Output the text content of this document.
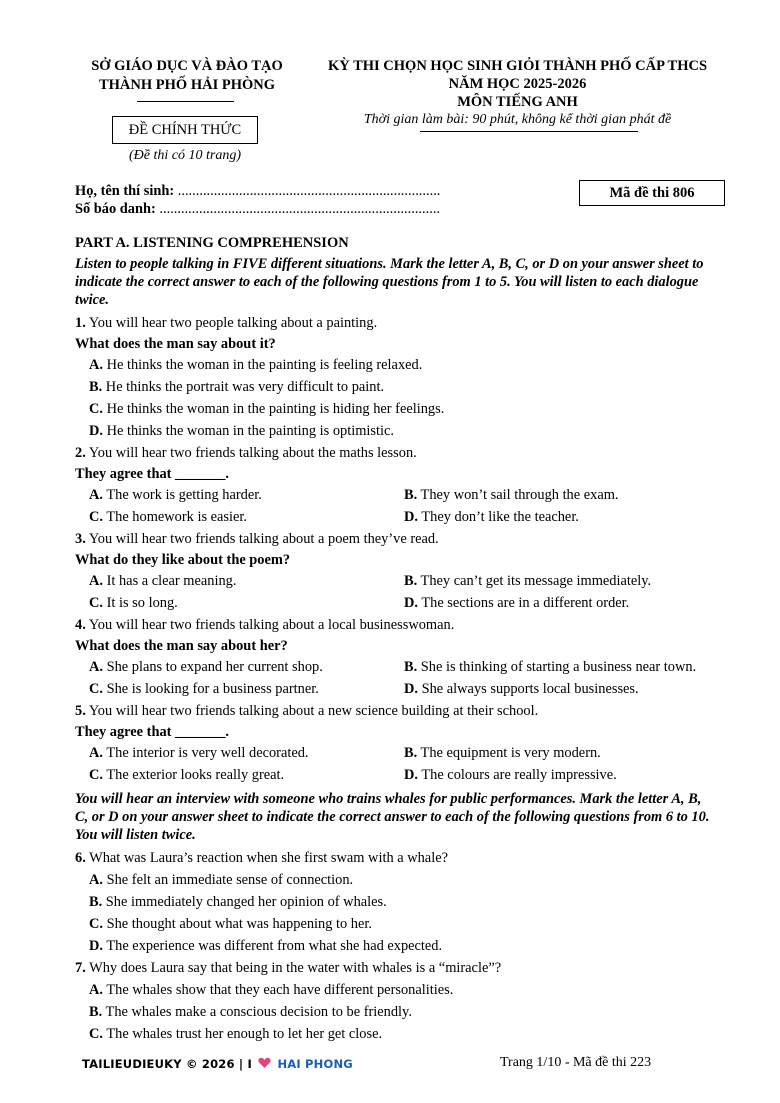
SỞ GIÁO DỤC VÀ ĐÀO TẠO
THÀNH PHỐ HẢI PHÒNG
ĐỀ CHÍNH THỨC
(Đề thi có 10 trang)
KỲ THI CHỌN HỌC SINH GIỎI THÀNH PHỐ CẤP THCS
NĂM HỌC 2025-2026
MÔN TIẾNG ANH
Thời gian làm bài: 90 phút, không kể thời gian phát đề
Họ, tên thí sinh: .........................................................................
Số báo danh: ..............................................................................
Mã đề thi 806
PART A. LISTENING COMPREHENSION
Listen to people talking in FIVE different situations. Mark the letter A, B, C, or D on your answer sheet to indicate the correct answer to each of the following questions from 1 to 5. You will listen to each dialogue twice.
1. You will hear two people talking about a painting.
What does the man say about it?
A. He thinks the woman in the painting is feeling relaxed.
B. He thinks the portrait was very difficult to paint.
C. He thinks the woman in the painting is hiding her feelings.
D. He thinks the woman in the painting is optimistic.
2. You will hear two friends talking about the maths lesson.
They agree that _______.
A. The work is getting harder.	B. They won’t sail through the exam.
C. The homework is easier.	D. They don’t like the teacher.
3. You will hear two friends talking about a poem they’ve read.
What do they like about the poem?
A. It has a clear meaning.	B. They can’t get its message immediately.
C. It is so long.	D. The sections are in a different order.
4. You will hear two friends talking about a local businesswoman.
What does the man say about her?
A. She plans to expand her current shop.	B. She is thinking of starting a business near town.
C. She is looking for a business partner.	D. She always supports local businesses.
5. You will hear two friends talking about a new science building at their school.
They agree that _______.
A. The interior is very well decorated.	B. The equipment is very modern.
C. The exterior looks really great.	D. The colours are really impressive.
You will hear an interview with someone who trains whales for public performances. Mark the letter A, B, C, or D on your answer sheet to indicate the correct answer to each of the following questions from 6 to 10. You will listen twice.
6. What was Laura’s reaction when she first swam with a whale?
A. She felt an immediate sense of connection.
B. She immediately changed her opinion of whales.
C. She thought about what was happening to her.
D. The experience was different from what she had expected.
7. Why does Laura say that being in the water with whales is a “miracle”?
A. The whales show that they each have different personalities.
B. The whales make a conscious decision to be friendly.
C. The whales trust her enough to let her get close.
TAILIEUDIEUKY © 2026 | I HAI PHONG	Trang 1/10 - Mã đề thi 223
